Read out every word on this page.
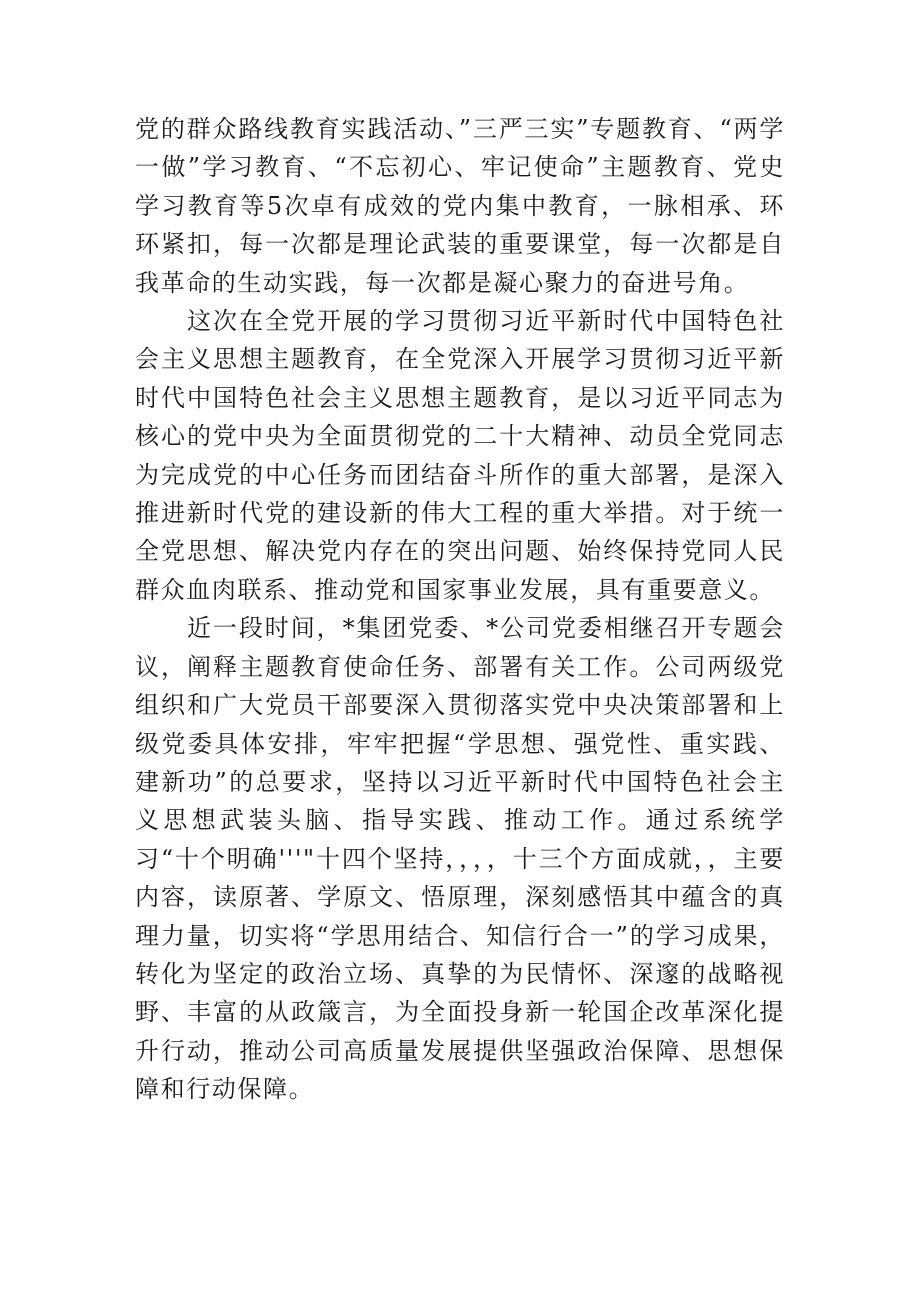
党的群众路线教育实践活动、”三严三实”专题教育、“两学一做”学习教育、“不忘初心、牢记使命”主题教育、党史学习教育等5次卓有成效的党内集中教育，一脉相承、环环紧扣，每一次都是理论武装的重要课堂，每一次都是自我革命的生动实践，每一次都是凝心聚力的奋进号角。

这次在全党开展的学习贯彻习近平新时代中国特色社会主义思想主题教育，在全党深入开展学习贯彻习近平新时代中国特色社会主义思想主题教育，是以习近平同志为核心的党中央为全面贯彻党的二十大精神、动员全党同志为完成党的中心任务而团结奋斗所作的重大部署，是深入推进新时代党的建设新的伟大工程的重大举措。对于统一全党思想、解决党内存在的突出问题、始终保持党同人民群众血肉联系、推动党和国家事业发展，具有重要意义。

近一段时间，*集团党委、*公司党委相继召开专题会议，阐释主题教育使命任务、部署有关工作。公司两级党组织和广大党员干部要深入贯彻落实党中央决策部署和上级党委具体安排，牢牢把握“学思想、强党性、重实践、建新功”的总要求，坚持以习近平新时代中国特色社会主义思想武装头脑、指导实践、推动工作。通过系统学习“十个明确'''"十四个坚持，，，，十三个方面成就，，主要内容，读原著、学原文、悟原理，深刻感悟其中蕴含的真理力量，切实将“学思用结合、知信行合一”的学习成果，转化为坚定的政治立场、真挚的为民情怀、深邃的战略视野、丰富的从政箴言，为全面投身新一轮国企改革深化提升行动，推动公司高质量发展提供坚强政治保障、思想保障和行动保障。
